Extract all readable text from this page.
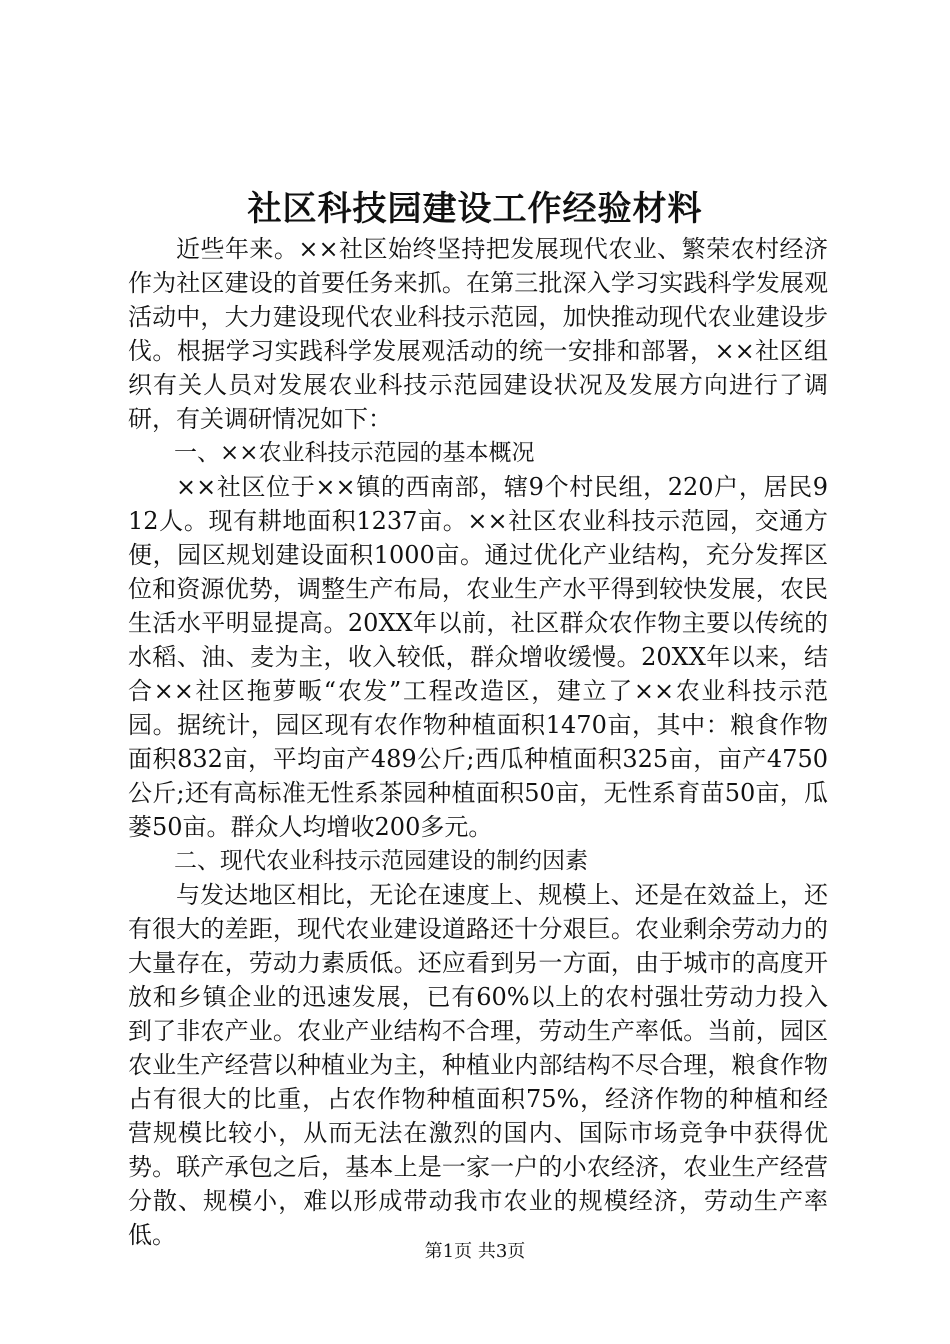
社区科技园建设工作经验材料

近些年来。××社区始终坚持把发展现代农业、繁荣农村经济作为社区建设的首要任务来抓。在第三批深入学习实践科学发展观活动中，大力建设现代农业科技示范园，加快推动现代农业建设步伐。根据学习实践科学发展观活动的统一安排和部署，××社区组织有关人员对发展农业科技示范园建设状况及发展方向进行了调研，有关调研情况如下：

一、××农业科技示范园的基本概况

××社区位于××镇的西南部，辖9个村民组，220户，居民912人。现有耕地面积1237亩。××社区农业科技示范园，交通方便，园区规划建设面积1000亩。通过优化产业结构，充分发挥区位和资源优势，调整生产布局，农业生产水平得到较快发展，农民生活水平明显提高。20XX年以前，社区群众农作物主要以传统的水稻、油、麦为主，收入较低，群众增收缓慢。20XX年以来，结合××社区拖萝畈“农发”工程改造区，建立了××农业科技示范园。据统计，园区现有农作物种植面积1470亩，其中：粮食作物面积832亩，平均亩产489公斤;西瓜种植面积325亩，亩产4750公斤;还有高标准无性系茶园种植面积50亩，无性系育苗50亩，瓜蒌50亩。群众人均增收200多元。

二、现代农业科技示范园建设的制约因素

与发达地区相比，无论在速度上、规模上、还是在效益上，还有很大的差距，现代农业建设道路还十分艰巨。农业剩余劳动力的大量存在，劳动力素质低。还应看到另一方面，由于城市的高度开放和乡镇企业的迅速发展，已有60%以上的农村强壮劳动力投入到了非农产业。农业产业结构不合理，劳动生产率低。当前，园区农业生产经营以种植业为主，种植业内部结构不尽合理，粮食作物占有很大的比重，占农作物种植面积75%，经济作物的种植和经营规模比较小，从而无法在激烈的国内、国际市场竞争中获得优势。联产承包之后，基本上是一家一户的小农经济，农业生产经营分散、规模小，难以形成带动我市农业的规模经济，劳动生产率低。

第1页 共3页
